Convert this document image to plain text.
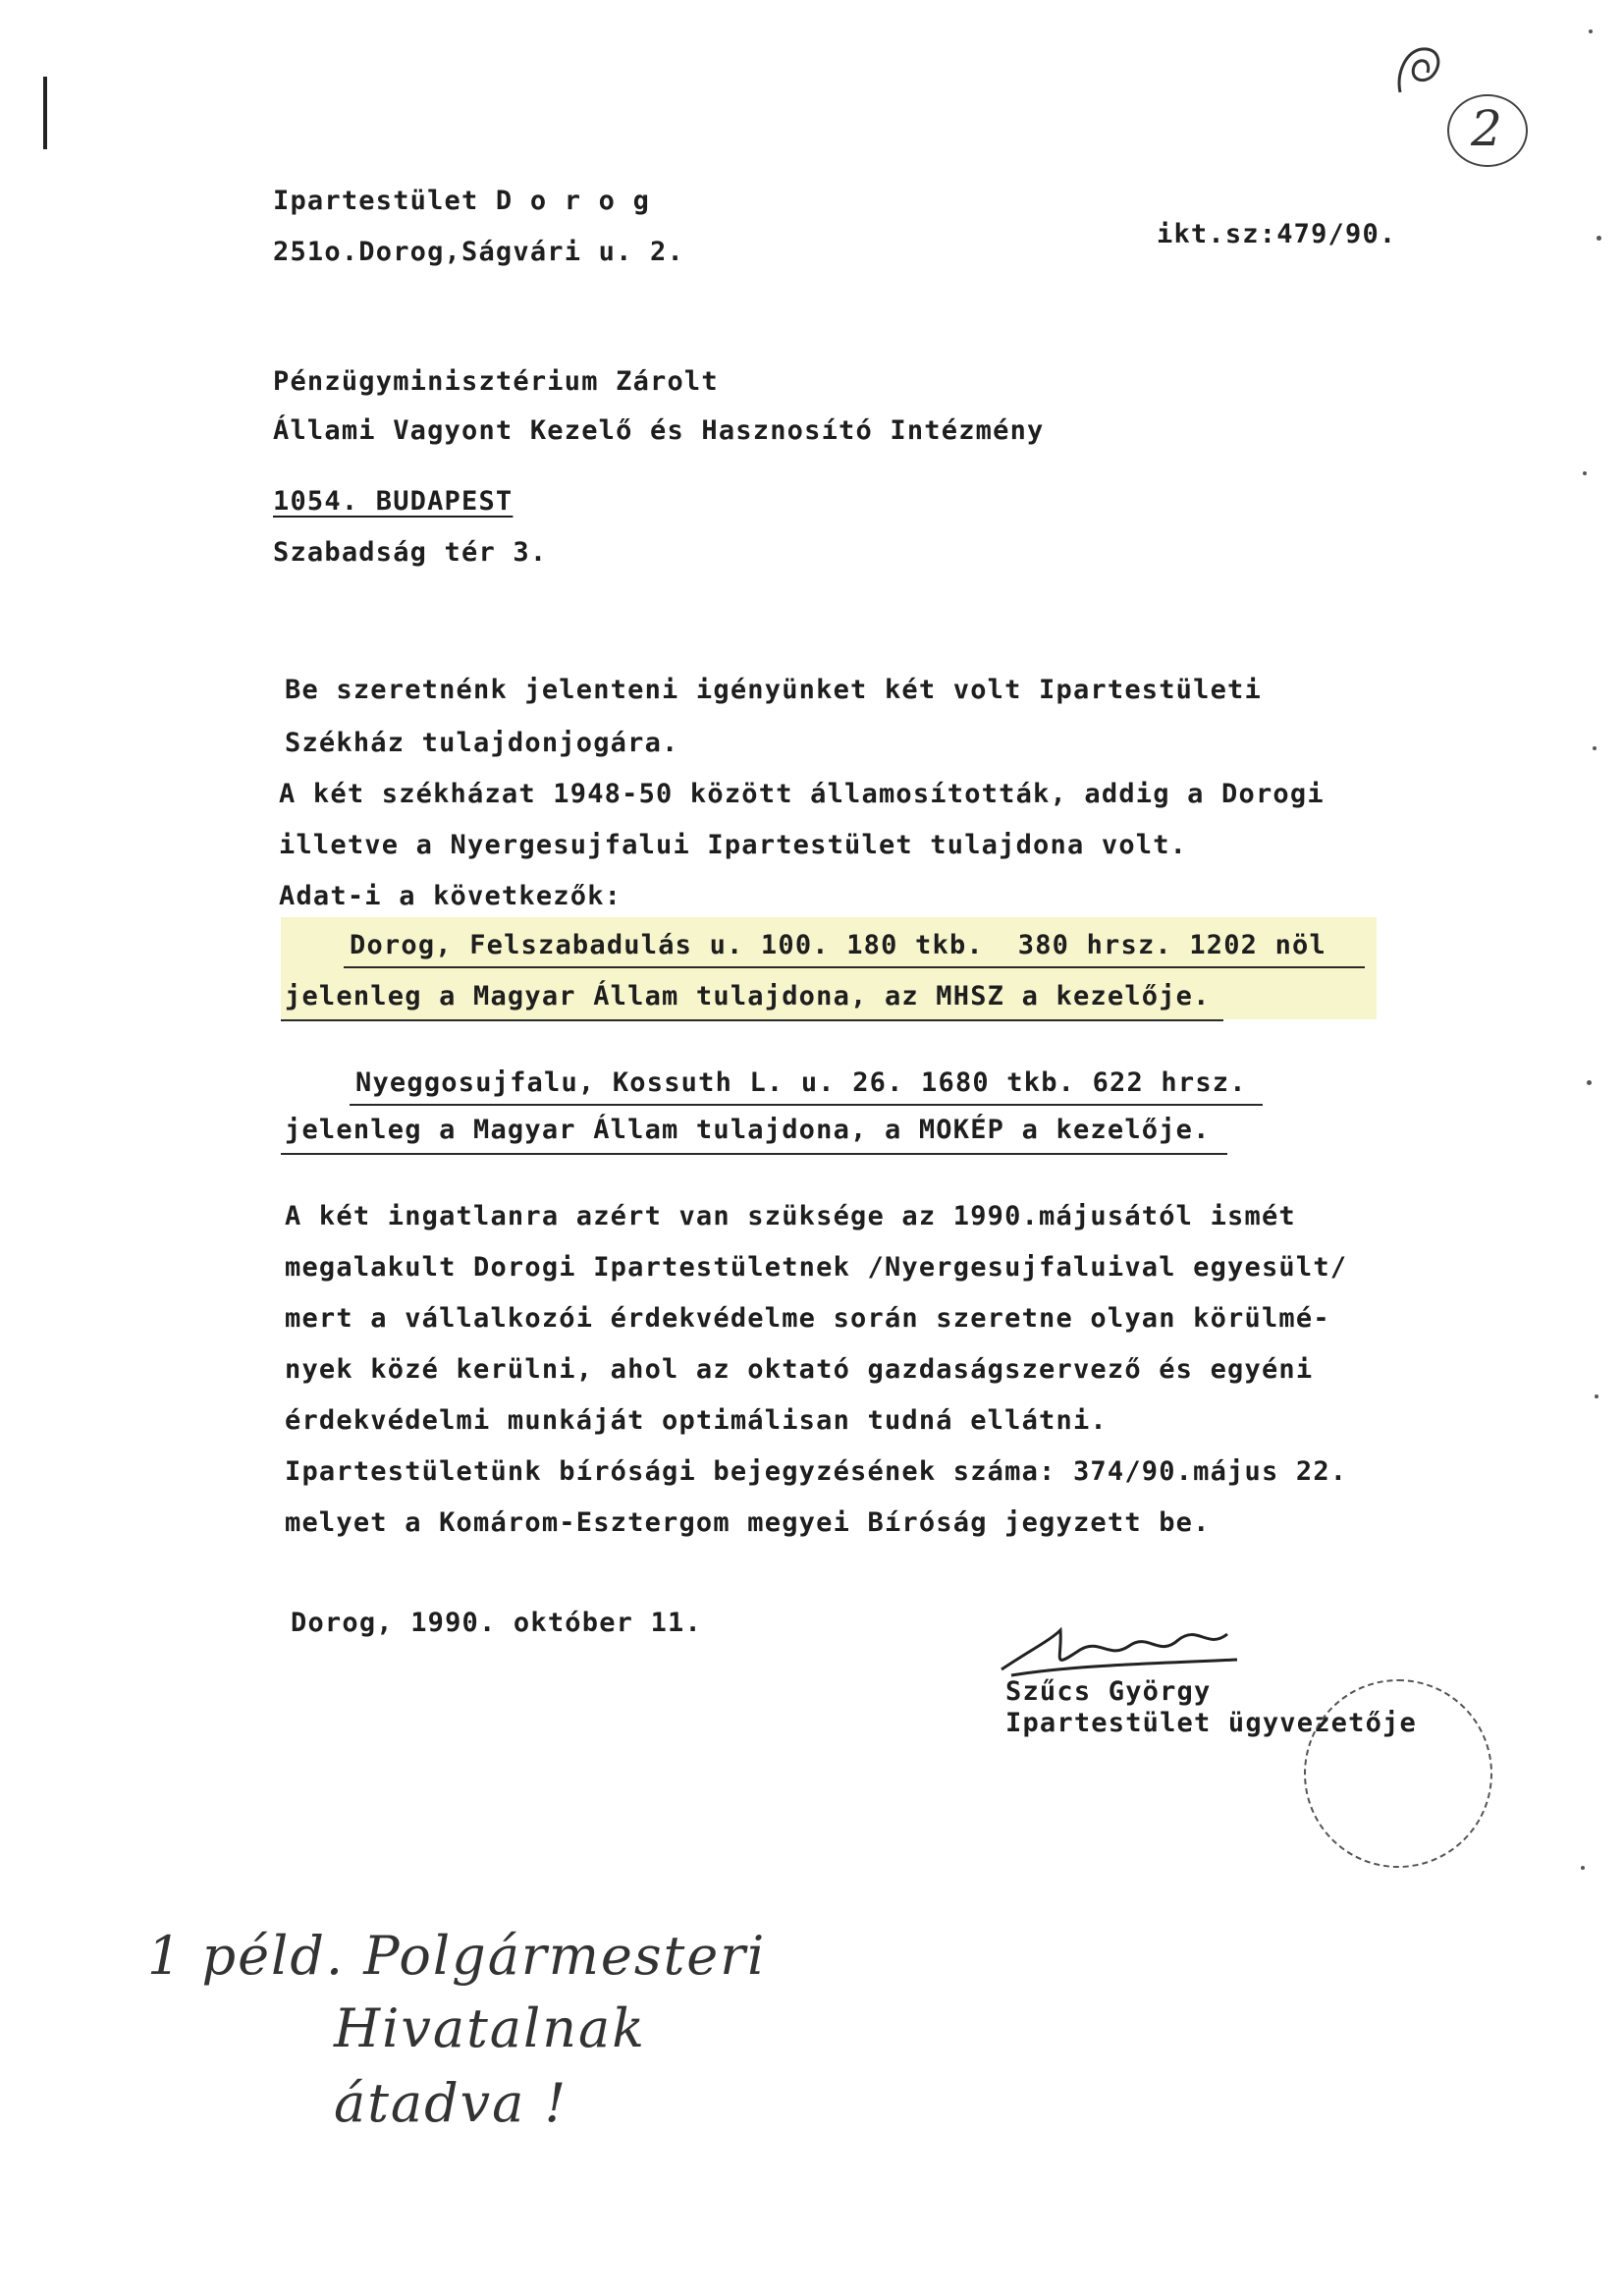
2
Ipartestület D o r o g
251o.Dorog,Ságvári u. 2.
ikt.sz:479/90.
Pénzügyminisztérium Zárolt
Állami Vagyont Kezelő és Hasznosító Intézmény
1054. BUDAPEST
Szabadság tér 3.
Be szeretnénk jelenteni igényünket két volt Ipartestületi
Székház tulajdonjogára.
A két székházat 1948-50 között államosították, addig a Dorogi
illetve a Nyergesujfalui Ipartestület tulajdona volt.
Adat-i a következők:
Dorog, Felszabadulás u. 100. 180 tkb.  380 hrsz. 1202 nöl
jelenleg a Magyar Állam tulajdona, az MHSZ a kezelője.
Nyeggosujfalu, Kossuth L. u. 26. 1680 tkb. 622 hrsz.
jelenleg a Magyar Állam tulajdona, a MOKÉP a kezelője.
A két ingatlanra azért van szüksége az 1990.májusától ismét
megalakult Dorogi Ipartestületnek /Nyergesujfaluival egyesült/
mert a vállalkozói érdekvédelme során szeretne olyan körülmé-
nyek közé kerülni, ahol az oktató gazdaságszervező és egyéni
érdekvédelmi munkáját optimálisan tudná ellátni.
Ipartestületünk bírósági bejegyzésének száma: 374/90.május 22.
melyet a Komárom-Esztergom megyei Bíróság jegyzett be.
Dorog, 1990. október 11.
Szűcs György
Ipartestület ügyvezetője
1 péld. Polgármesteri
Hivatalnak
átadva !
